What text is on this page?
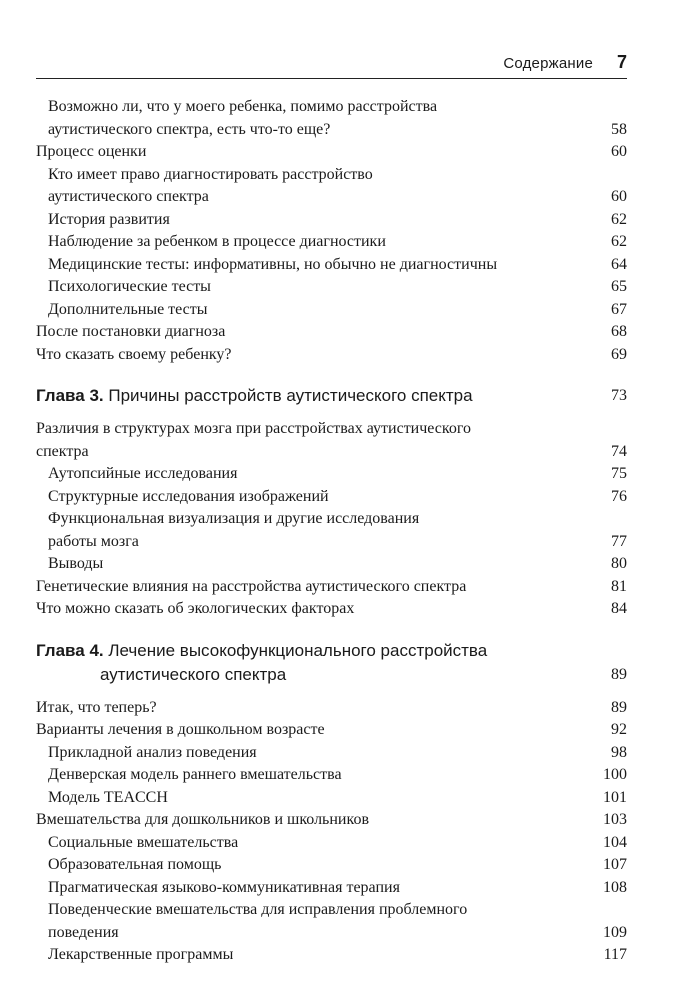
Содержание 7
Возможно ли, что у моего ребенка, помимо расстройства
аутистического спектра, есть что-то еще?	58
Процесс оценки	60
Кто имеет право диагностировать расстройство
аутистического спектра	60
История развития	62
Наблюдение за ребенком в процессе диагностики	62
Медицинские тесты: информативны, но обычно не диагностичны	64
Психологические тесты	65
Дополнительные тесты	67
После постановки диагноза	68
Что сказать своему ребенку?	69
Глава 3. Причины расстройств аутистического спектра	73
Различия в структурах мозга при расстройствах аутистического
спектра	74
Аутопсийные исследования	75
Структурные исследования изображений	76
Функциональная визуализация и другие исследования
работы мозга	77
Выводы	80
Генетические влияния на расстройства аутистического спектра	81
Что можно сказать об экологических факторах	84
Глава 4. Лечение высокофункционального расстройства
аутистического спектра	89
Итак, что теперь?	89
Варианты лечения в дошкольном возрасте	92
Прикладной анализ поведения	98
Денверская модель раннего вмешательства	100
Модель TEACCH	101
Вмешательства для дошкольников и школьников	103
Социальные вмешательства	104
Образовательная помощь	107
Прагматическая языково-коммуникативная терапия	108
Поведенческие вмешательства для исправления проблемного
поведения	109
Лекарственные программы	117
